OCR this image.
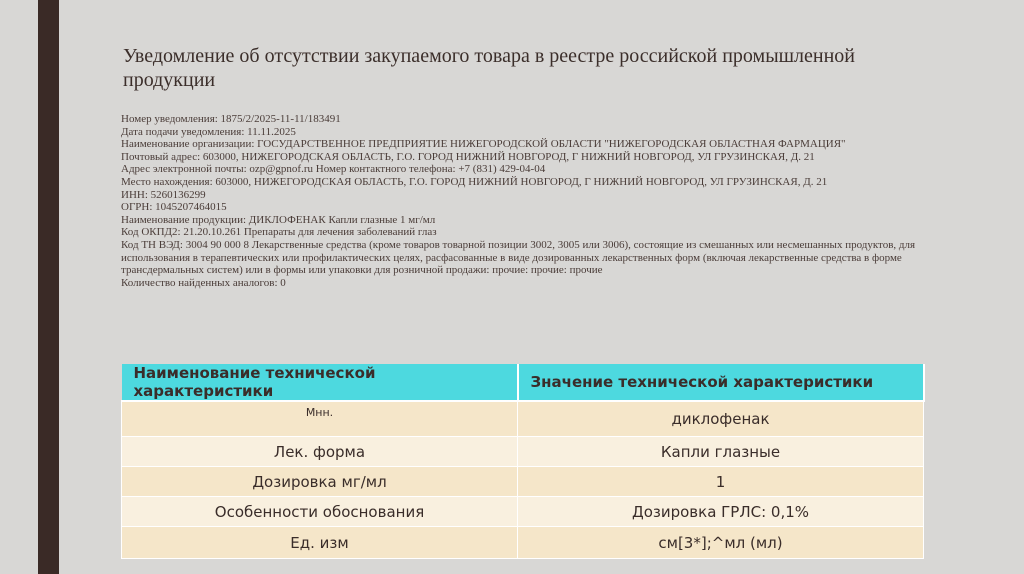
Уведомление об отсутствии закупаемого товара в реестре российской промышленной продукции
Номер уведомления: 1875/2/2025-11-11/183491
Дата подачи уведомления: 11.11.2025
Наименование организации: ГОСУДАРСТВЕННОЕ ПРЕДПРИЯТИЕ НИЖЕГОРОДСКОЙ ОБЛАСТИ "НИЖЕГОРОДСКАЯ ОБЛАСТНАЯ ФАРМАЦИЯ"
Почтовый адрес: 603000, НИЖЕГОРОДСКАЯ ОБЛАСТЬ, Г.О. ГОРОД НИЖНИЙ НОВГОРОД, Г НИЖНИЙ НОВГОРОД, УЛ ГРУЗИНСКАЯ, Д. 21
Адрес электронной почты: ozp@gpnof.ru Номер контактного телефона: +7 (831) 429-04-04
Место нахождения: 603000, НИЖЕГОРОДСКАЯ ОБЛАСТЬ, Г.О. ГОРОД НИЖНИЙ НОВГОРОД, Г НИЖНИЙ НОВГОРОД, УЛ ГРУЗИНСКАЯ, Д. 21
ИНН: 5260136299
ОГРН: 1045207464015
Наименование продукции: ДИКЛОФЕНАК Капли глазные 1 мг/мл
Код ОКПД2: 21.20.10.261 Препараты для лечения заболеваний глаз
Код ТН ВЭД: 3004 90 000 8 Лекарственные средства (кроме товаров товарной позиции 3002, 3005 или 3006), состоящие из смешанных или несмешанных продуктов, для использования в терапевтических или профилактических целях, расфасованные в виде дозированных лекарственных форм (включая лекарственные средства в форме трансдермальных систем) или в формы или упаковки для розничной продажи: прочие: прочие: прочие
Количество найденных аналогов: 0
Наименование технической характеристики	Значение технической характеристики
Мнн.	диклофенак
Лек. форма	Капли глазные
Дозировка мг/мл	1
Особенности обоснования	Дозировка ГРЛС: 0,1%
Ед. изм	см[3*];^мл (мл)
